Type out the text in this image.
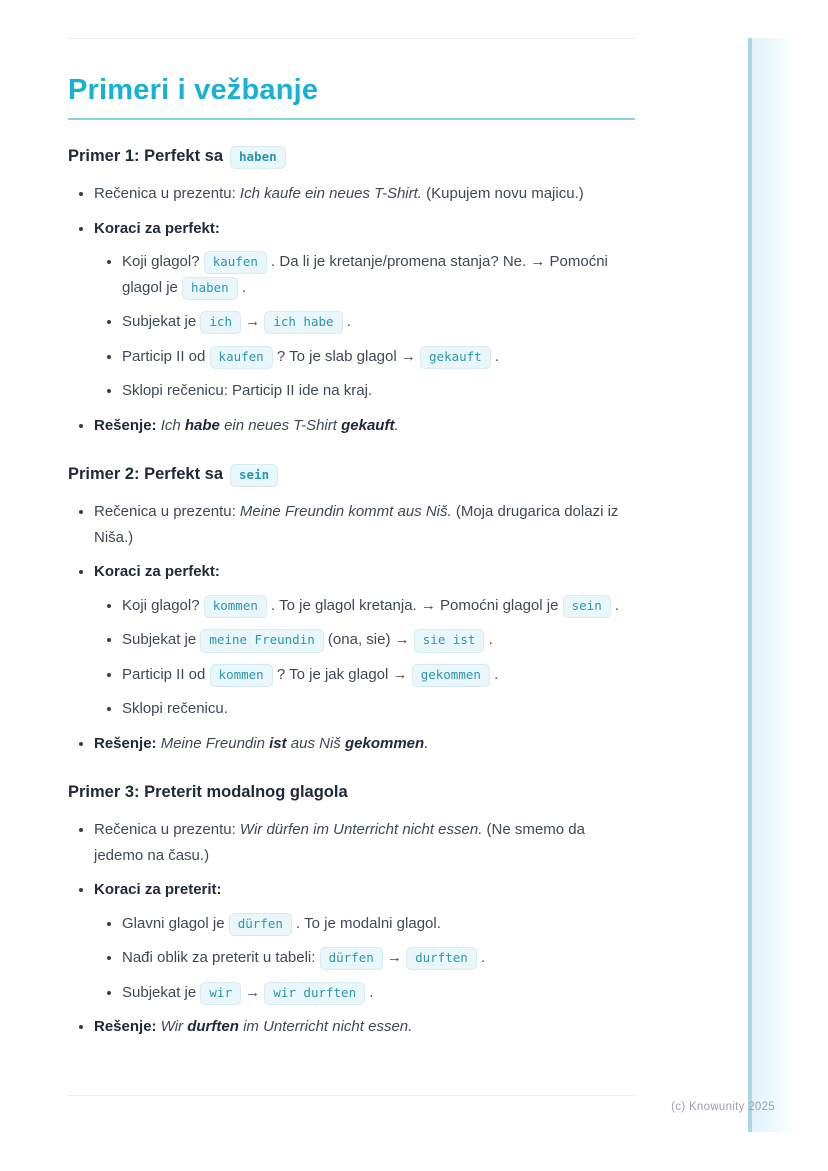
Primeri i vežbanje
Primer 1: Perfekt sa haben
• Rečenica u prezentu: Ich kaufe ein neues T-Shirt. (Kupujem novu majicu.)
• Koraci za perfekt:
• Koji glagol? kaufen . Da li je kretanje/promena stanja? Ne. → Pomoćni glagol je haben .
• Subjekat je ich → ich habe .
• Particip II od kaufen ? To je slab glagol → gekauft .
• Sklopi rečenicu: Particip II ide na kraj.
• Rešenje: Ich habe ein neues T-Shirt gekauft.
Primer 2: Perfekt sa sein
• Rečenica u prezentu: Meine Freundin kommt aus Niš. (Moja drugarica dolazi iz Niša.)
• Koraci za perfekt:
• Koji glagol? kommen . To je glagol kretanja. → Pomoćni glagol je sein .
• Subjekat je meine Freundin (ona, sie) → sie ist .
• Particip II od kommen ? To je jak glagol → gekommen .
• Sklopi rečenicu.
• Rešenje: Meine Freundin ist aus Niš gekommen.
Primer 3: Preterit modalnog glagola
• Rečenica u prezentu: Wir dürfen im Unterricht nicht essen. (Ne smemo da jedemo na času.)
• Koraci za preterit:
• Glavni glagol je dürfen . To je modalni glagol.
• Nađi oblik za preterit u tabeli: dürfen → durften .
• Subjekat je wir → wir durften .
• Rešenje: Wir durften im Unterricht nicht essen.
(c) Knowunity 2025
